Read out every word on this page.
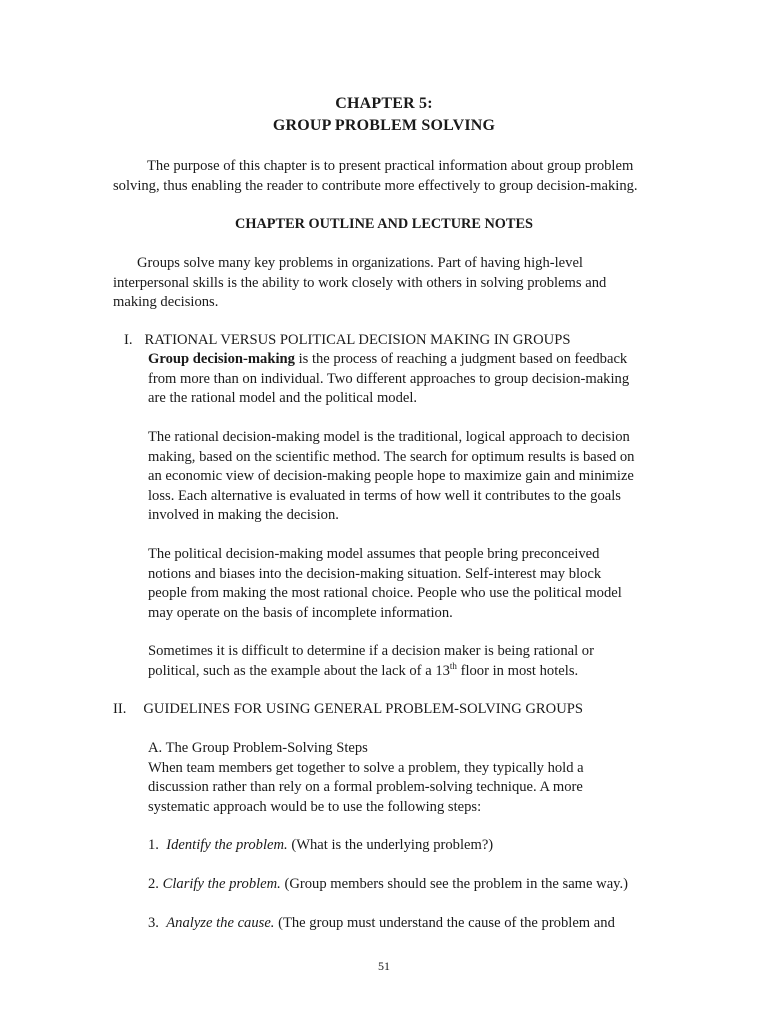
CHAPTER 5:
GROUP PROBLEM SOLVING
The purpose of this chapter is to present practical information about group problem
solving, thus enabling the reader to contribute more effectively to group decision-making.
CHAPTER OUTLINE AND LECTURE NOTES
Groups solve many key problems in organizations. Part of having high-level
interpersonal skills is the ability to work closely with others in solving problems and
making decisions.
I. RATIONAL VERSUS POLITICAL DECISION MAKING IN GROUPS
Group decision-making is the process of reaching a judgment based on feedback
from more than on individual. Two different approaches to group decision-making
are the rational model and the political model.
The rational decision-making model is the traditional, logical approach to decision
making, based on the scientific method. The search for optimum results is based on
an economic view of decision-making people hope to maximize gain and minimize
loss. Each alternative is evaluated in terms of how well it contributes to the goals
involved in making the decision.
The political decision-making model assumes that people bring preconceived
notions and biases into the decision-making situation. Self-interest may block
people from making the most rational choice. People who use the political model
may operate on the basis of incomplete information.
Sometimes it is difficult to determine if a decision maker is being rational or
political, such as the example about the lack of a 13th floor in most hotels.
II. GUIDELINES FOR USING GENERAL PROBLEM-SOLVING GROUPS
A. The Group Problem-Solving Steps
When team members get together to solve a problem, they typically hold a
discussion rather than rely on a formal problem-solving technique. A more
systematic approach would be to use the following steps:
1. Identify the problem. (What is the underlying problem?)
2. Clarify the problem. (Group members should see the problem in the same way.)
3. Analyze the cause. (The group must understand the cause of the problem and
51
